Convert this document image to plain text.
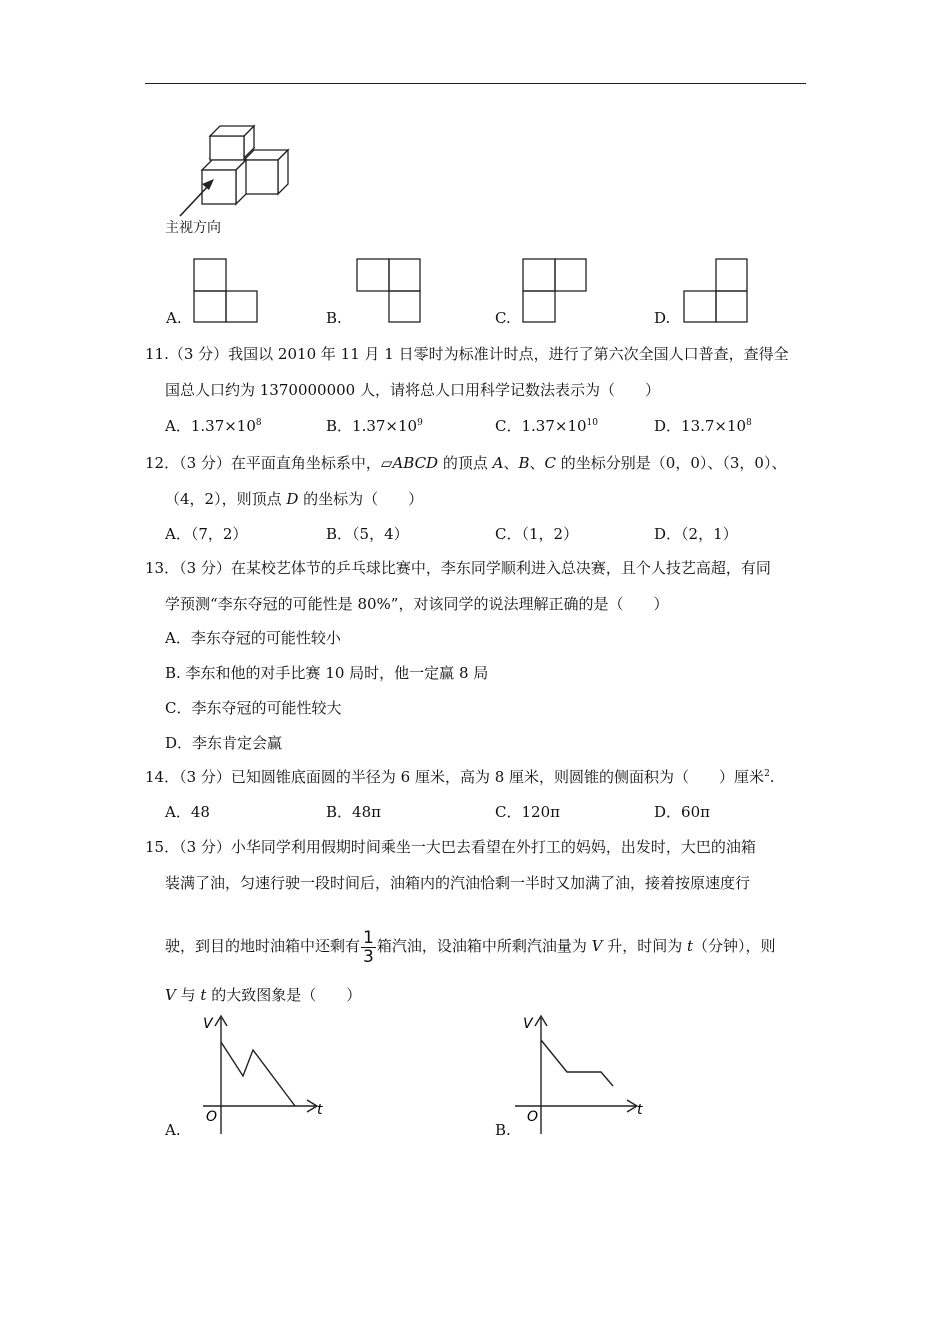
主视方向
A.	B.	C.	D.
11.（3 分）我国以 2010 年 11 月 1 日零时为标准计时点，进行了第六次全国人口普查，查得全
国总人口约为 1370000000 人，请将总人口用科学记数法表示为（　　）
A．$1.37\times 10^8$	B．$1.37\times 10^9$	C．$1.37\times 10^{10}$	D．$13.7\times 10^8$
12．（3 分）在平面直角坐标系中，▱ABCD 的顶点 A、B、C 的坐标分别是（0，0）、（3，0）、
（4，2），则顶点 D 的坐标为（　　）
A．（7，2）	B．（5，4）	C．（1，2）	D．（2，1）
13．（3 分）在某校艺体节的乒乓球比赛中，李东同学顺利进入总决赛，且个人技艺高超，有同
学预测“李东夺冠的可能性是 80%”，对该同学的说法理解正确的是（　　）
A．李东夺冠的可能性较小
B. 李东和他的对手比赛 10 局时，他一定赢 8 局
C．李东夺冠的可能性较大
D．李东肯定会赢
14．（3 分）已知圆锥底面圆的半径为 6 厘米，高为 8 厘米，则圆锥的侧面积为（　　）厘米$^2$.
A．48	B．48π	C．120π	D．60π
15．（3 分）小华同学利用假期时间乘坐一大巴去看望在外打工的妈妈，出发时，大巴的油箱
装满了油，匀速行驶一段时间后，油箱内的汽油恰剩一半时又加满了油，接着按原速度行
驶，到目的地时油箱中还剩有 $\frac{1}{3}$ 箱汽油，设油箱中所剩汽油量为 V 升，时间为 t（分钟），则
V 与 t 的大致图象是（　　）
A.
V
t
O
B.
V
t
O
